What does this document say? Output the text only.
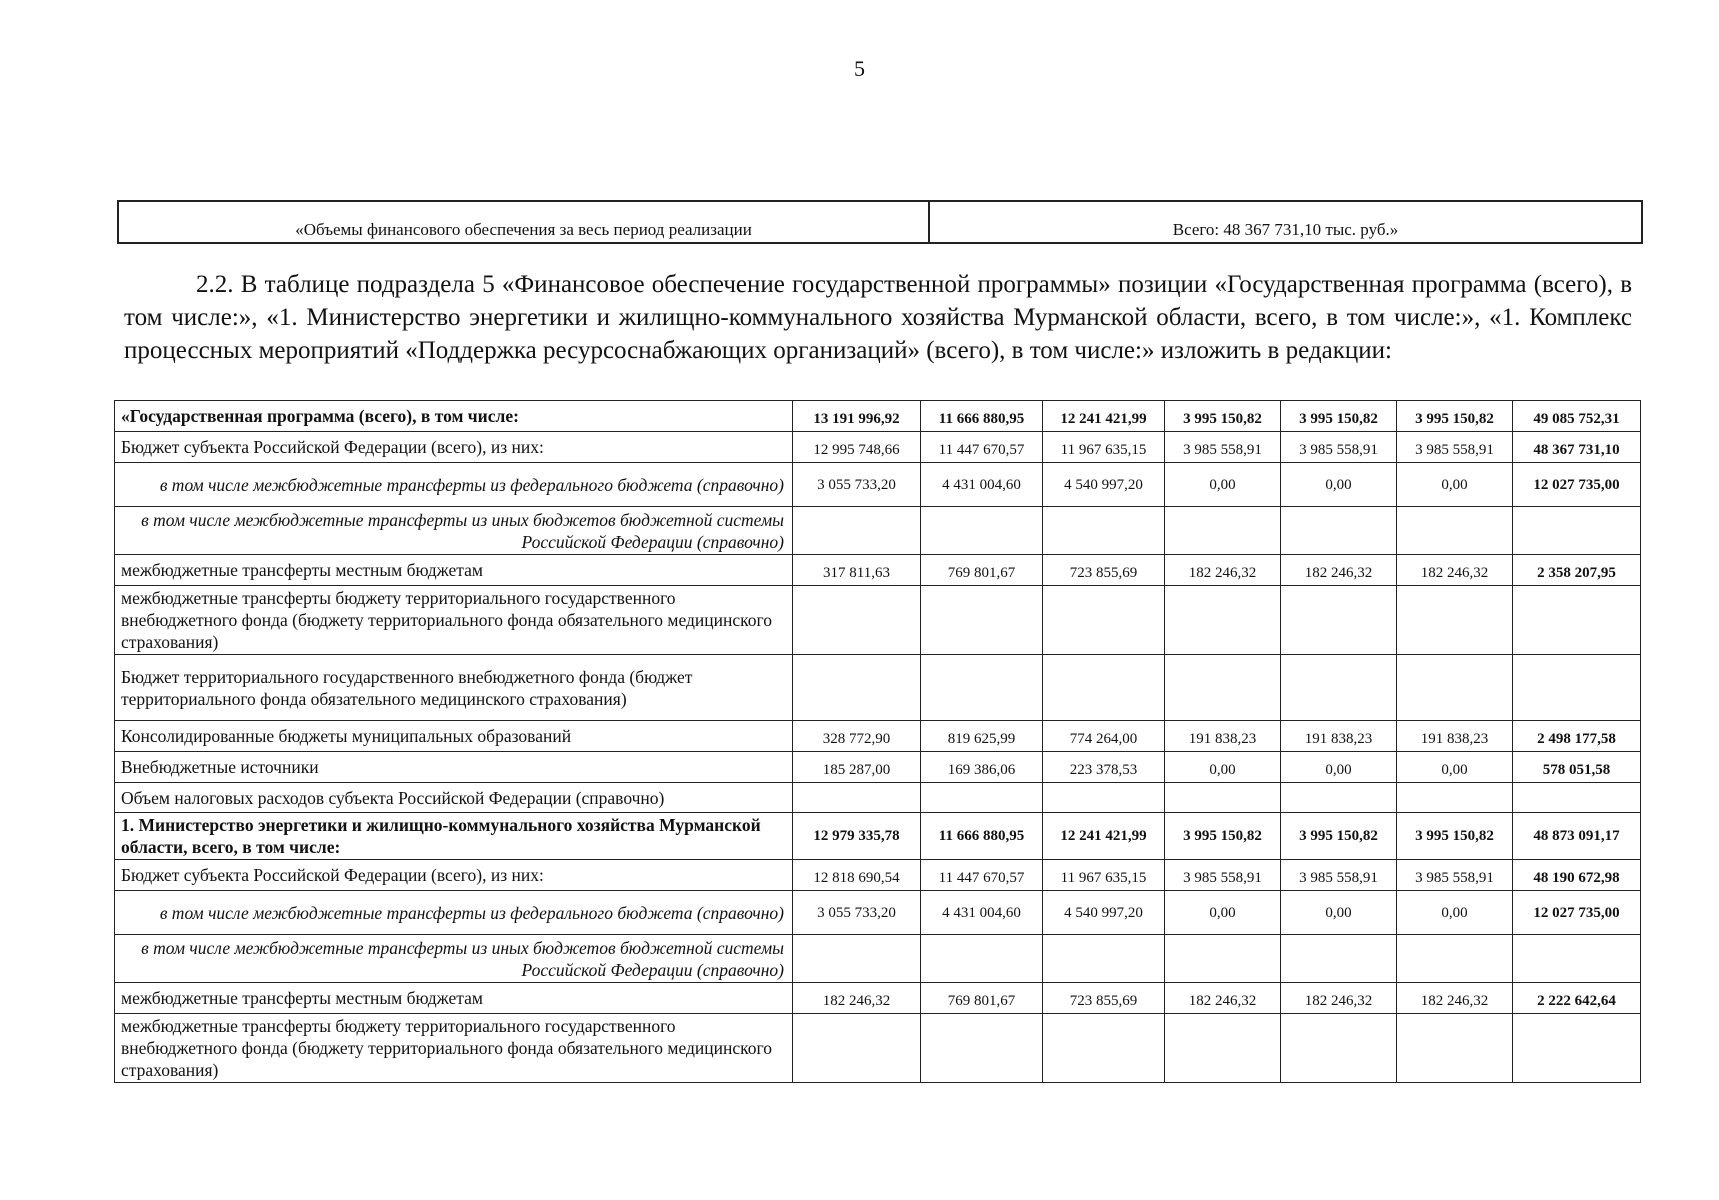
5
«Объемы финансового обеспечения за весь период реализации	Всего: 48 367 731,10 тыс. руб.»
2.2. В таблице подраздела 5 «Финансовое обеспечение государственной программы» позиции «Государственная программа (всего), в том числе:», «1. Министерство энергетики и жилищно-коммунального хозяйства Мурманской области, всего, в том числе:», «1. Комплекс процессных мероприятий «Поддержка ресурсоснабжающих организаций» (всего), в том числе:» изложить в редакции:
«Государственная программа (всего), в том числе:	13 191 996,92	11 666 880,95	12 241 421,99	3 995 150,82	3 995 150,82	3 995 150,82	49 085 752,31
Бюджет субъекта Российской Федерации (всего), из них:	12 995 748,66	11 447 670,57	11 967 635,15	3 985 558,91	3 985 558,91	3 985 558,91	48 367 731,10
в том числе межбюджетные трансферты из федерального бюджета (справочно)	3 055 733,20	4 431 004,60	4 540 997,20	0,00	0,00	0,00	12 027 735,00
в том числе межбюджетные трансферты из иных бюджетов бюджетной системы Российской Федерации (справочно)							
межбюджетные трансферты местным бюджетам	317 811,63	769 801,67	723 855,69	182 246,32	182 246,32	182 246,32	2 358 207,95
межбюджетные трансферты бюджету территориального государственного внебюджетного фонда (бюджету территориального фонда обязательного медицинского страхования)							
Бюджет территориального государственного внебюджетного фонда (бюджет территориального фонда обязательного медицинского страхования)							
Консолидированные бюджеты муниципальных образований	328 772,90	819 625,99	774 264,00	191 838,23	191 838,23	191 838,23	2 498 177,58
Внебюджетные источники	185 287,00	169 386,06	223 378,53	0,00	0,00	0,00	578 051,58
Объем налоговых расходов субъекта Российской Федерации (справочно)							
1. Министерство энергетики и жилищно-коммунального хозяйства Мурманской области, всего, в том числе:	12 979 335,78	11 666 880,95	12 241 421,99	3 995 150,82	3 995 150,82	3 995 150,82	48 873 091,17
Бюджет субъекта Российской Федерации (всего), из них:	12 818 690,54	11 447 670,57	11 967 635,15	3 985 558,91	3 985 558,91	3 985 558,91	48 190 672,98
в том числе межбюджетные трансферты из федерального бюджета (справочно)	3 055 733,20	4 431 004,60	4 540 997,20	0,00	0,00	0,00	12 027 735,00
в том числе межбюджетные трансферты из иных бюджетов бюджетной системы Российской Федерации (справочно)							
межбюджетные трансферты местным бюджетам	182 246,32	769 801,67	723 855,69	182 246,32	182 246,32	182 246,32	2 222 642,64
межбюджетные трансферты бюджету территориального государственного внебюджетного фонда (бюджету территориального фонда обязательного медицинского страхования)							
